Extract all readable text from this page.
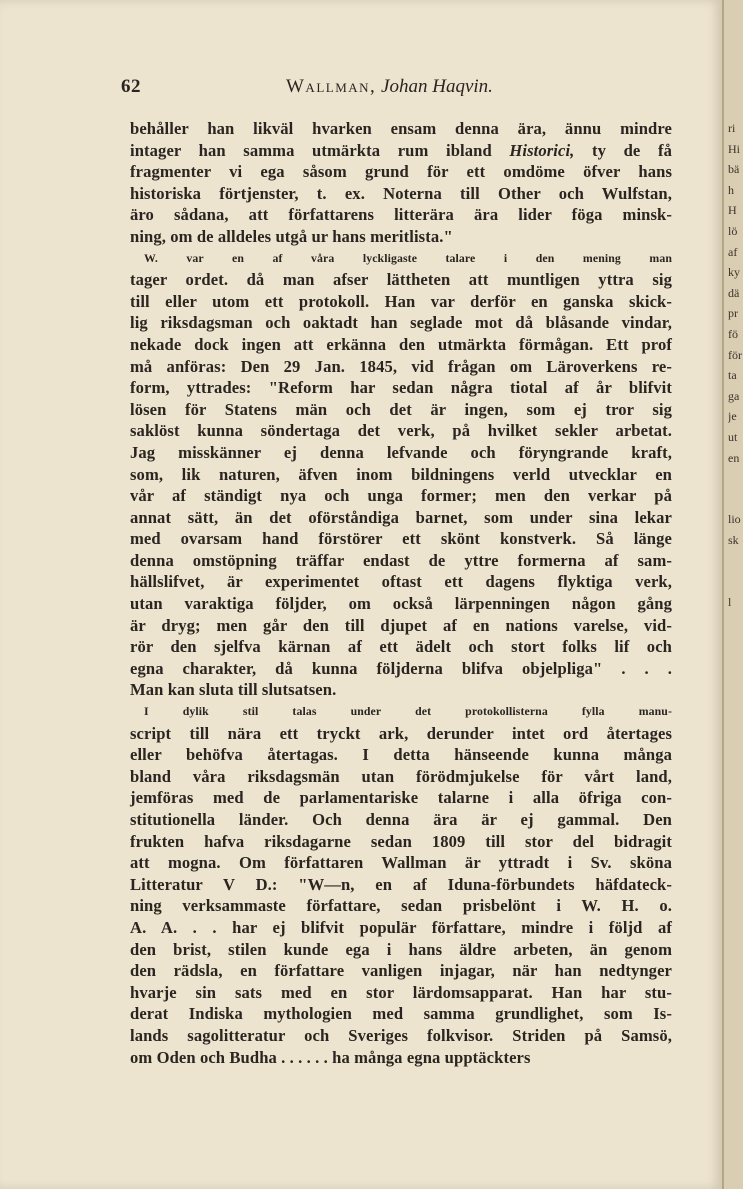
62	Wallman, Johan Haqvin.
behåller han likväl hvarken ensam denna ära, ännu mindre
intager han samma utmärkta rum ibland Historici, ty de få
fragmenter vi ega såsom grund för ett omdöme öfver hans
historiska förtjenster, t. ex. Noterna till Other och Wulfstan,
äro sådana, att författarens litterära ära lider föga minsk-
ning, om de alldeles utgå ur hans meritlista."
W. var en af våra lyckligaste talare i den mening man
tager ordet. då man afser lättheten att muntligen yttra sig
till eller utom ett protokoll. Han var derför en ganska skick-
lig riksdagsman och oaktadt han seglade mot då blåsande vindar,
nekade dock ingen att erkänna den utmärkta förmågan. Ett prof
må anföras: Den 29 Jan. 1845, vid frågan om Läroverkens re-
form, yttrades: "Reform har sedan några tiotal af år blifvit
lösen för Statens män och det är ingen, som ej tror sig
saklöst kunna söndertaga det verk, på hvilket sekler arbetat.
Jag misskänner ej denna lefvande och föryngrande kraft,
som, lik naturen, äfven inom bildningens verld utvecklar en
vår af ständigt nya och unga former; men den verkar på
annat sätt, än det oförståndiga barnet, som under sina lekar
med ovarsam hand förstörer ett skönt konstverk. Så länge
denna omstöpning träffar endast de yttre formerna af sam-
hällslifvet, är experimentet oftast ett dagens flyktiga verk,
utan varaktiga följder, om också lärpenningen någon gång
är dryg; men går den till djupet af en nations varelse, vid-
rör den sjelfva kärnan af ett ädelt och stort folks lif och
egna charakter, då kunna följderna blifva objelpliga" . . .
Man kan sluta till slutsatsen.
I dylik stil talas under det protokollisterna fylla manu-
script till nära ett tryckt ark, derunder intet ord återtages
eller behöfva återtagas. I detta hänseende kunna många
bland våra riksdagsmän utan förödmjukelse för vårt land,
jemföras med de parlamentariske talarne i alla öfriga con-
stitutionella länder. Och denna ära är ej gammal. Den
frukten hafva riksdagarne sedan 1809 till stor del bidragit
att mogna. Om författaren Wallman är yttradt i Sv. sköna
Litteratur V D.: "W—n, en af Iduna-förbundets häfdateck-
ning verksammaste författare, sedan prisbelönt i W. H. o.
A. A. . . har ej blifvit populär författare, mindre i följd af
den brist, stilen kunde ega i hans äldre arbeten, än genom
den rädsla, en författare vanligen injagar, när han nedtynger
hvarje sin sats med en stor lärdomsapparat. Han har stu-
derat Indiska mythologien med samma grundlighet, som Is-
lands sagolitteratur och Sveriges folkvisor. Striden på Samsö,
om Oden och Budha . . . . . . ha många egna upptäckters
ri
Hi
bä
h
H
lö
af
ky
dä
pr
fö
för
ta
ga
je
ut
en

lio
sk

l
